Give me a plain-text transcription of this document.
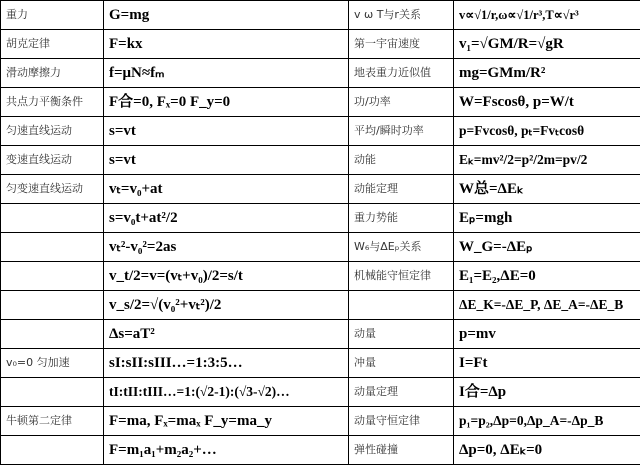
重力	G=mg	v ω T与r关系	v∝√1/r,ω∝√1/r³,T∝√r³
胡克定律	F=kx	第一宇宙速度	v₁=√GM/R=√gR
滑动摩擦力	f=μN≈fₘ	地表重力近似值	mg=GMm/R²
共点力平衡条件	F合=0, Fₓ=0 F_y=0	功/功率	W=Fscosθ, p=W/t
匀速直线运动	s=vt	平均/瞬时功率	p=Fvcosθ, pₜ=Fvₜcosθ
变速直线运动	s=vt	动能	Eₖ=mv²/2=p²/2m=pv/2
匀变速直线运动	vₜ=v₀+at	动能定理	W总=ΔEₖ
	s=v₀t+at²/2	重力势能	Eₚ=mgh
	vₜ²-v₀²=2as	W₆与ΔEₚ关系	W_G=-ΔEₚ
	v_t/2=v=(vₜ+v₀)/2=s/t	机械能守恒定律	E₁=E₂,ΔE=0
	v_s/2=√(v₀²+vₜ²)/2		ΔE_K=-ΔE_P, ΔE_A=-ΔE_B
	Δs=aT²	动量	p=mv
v₀=0 匀加速	sI:sII:sIII…=1:3:5…	冲量	I=Ft
	tI:tII:tIII…=1:(√2-1):(√3-√2)…	动量定理	I合=Δp
牛顿第二定律	F=ma, Fₓ=maₓ F_y=ma_y	动量守恒定律	p₁=p₂,Δp=0,Δp_A=-Δp_B
	F=m₁a₁+m₂a₂+…	弹性碰撞	Δp=0, ΔEₖ=0
